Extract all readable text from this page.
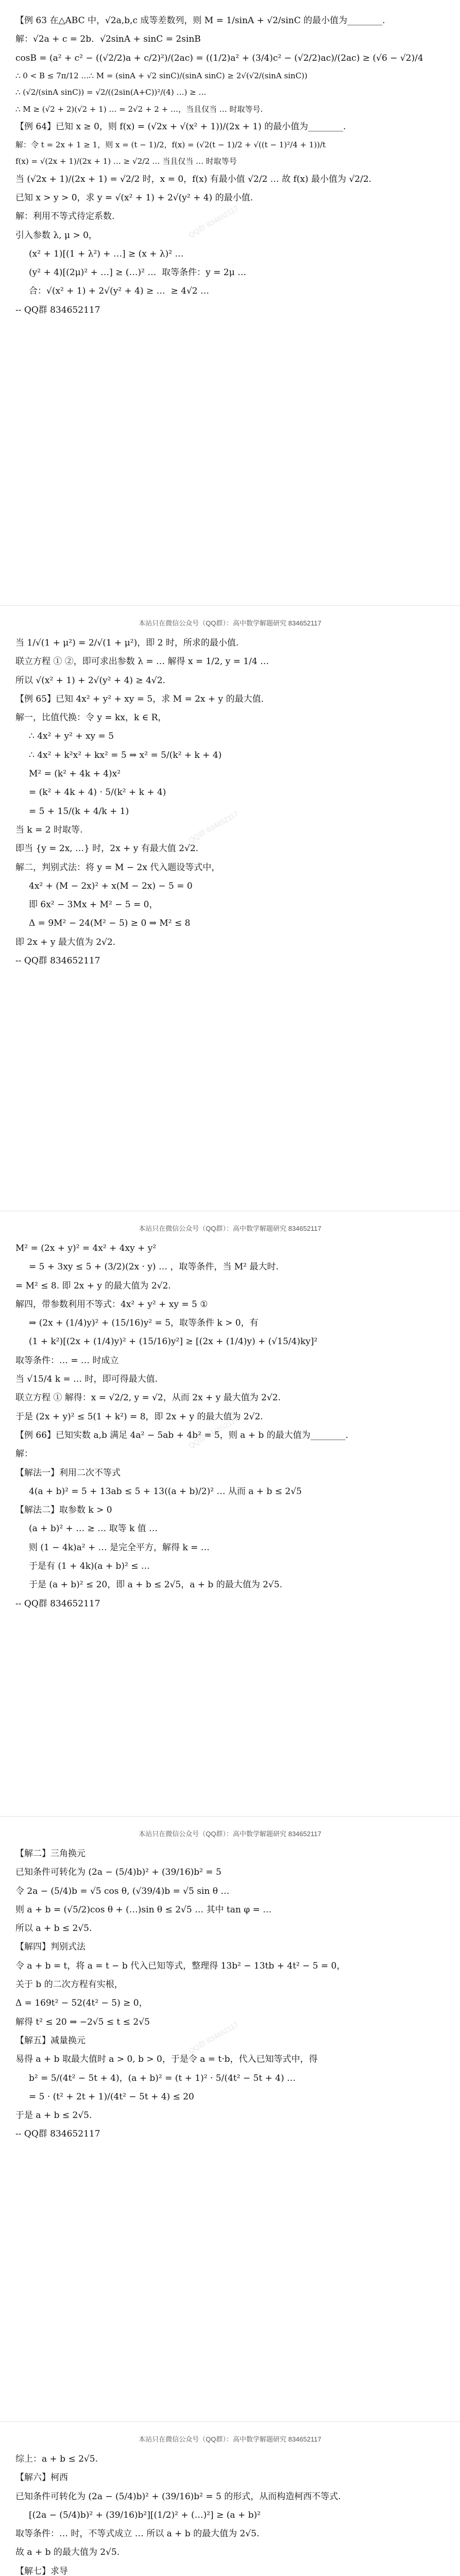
【例 63 在△ABC 中，√2a,b,c 成等差数列，则 M = 1/sinA + √2/sinC 的最小值为________.
解：√2a + c = 2b．√2sinA + sinC = 2sinB
cosB = (a² + c² − ((√2/2)a + c/2)²)/(2ac) = ((1/2)a² + (3/4)c² − (√2/2)ac)/(2ac) ≥ (√6 − √2)/4
∴ 0 < B ≤ 7π/12 …∴ M = (sinA + √2 sinC)/(sinA sinC) ≥ 2√(√2/(sinA sinC))
∴ (√2/(sinA sinC)) = √2/((2sin(A+C))²/(4) …) ≥ …
∴ M ≥ (√2 + 2)(√2 + 1) … = 2√2 + 2 + …，当且仅当 … 时取等号.
【例 64】已知 x ≥ 0，则 f(x) = (√2x + √(x² + 1))/(2x + 1) 的最小值为________.
解：令 t = 2x + 1 ≥ 1，则 x = (t − 1)/2，f(x) = (√2(t − 1)/2 + √((t − 1)²/4 + 1))/t
f(x) = √(2x + 1)/(2x + 1) … ≥ √2/2 … 当且仅当 … 时取等号
当 (√2x + 1)/(2x + 1) = √2/2 时，x = 0，f(x) 有最小值 √2/2 … 故 f(x) 最小值为 √2/2.
已知 x > y > 0，求 y = √(x² + 1) + 2√(y² + 4) 的最小值.
解：利用不等式待定系数.
引入参数 λ, μ > 0，
(x² + 1)[(1 + λ²) + …] ≥ (x + λ)² …
(y² + 4)[(2μ)² + …] ≥ (…)² …  取等条件：y = 2μ …
合：√(x² + 1) + 2√(y² + 4) ≥ …  ≥ 4√2 …
-- QQ群 834652117
QQ群 834652117
本站只在微信公众号（QQ群）：高中数学解题研究 834652117
当 1/√(1 + μ²) = 2/√(1 + μ²)，即 2 时，所求的最小值.
联立方程 ① ②，即可求出参数 λ = … 解得 x = 1/2, y = 1/4 …
所以 √(x² + 1) + 2√(y² + 4) ≥ 4√2.
【例 65】已知 4x² + y² + xy = 5，求 M = 2x + y 的最大值．
解一，比值代换：令 y = kx，k ∈ R，
∴ 4x² + y² + xy = 5
∴ 4x² + k²x² + kx² = 5 ⇒ x² = 5/(k² + k + 4)
M² = (k² + 4k + 4)x²
= (k² + 4k + 4) · 5/(k² + k + 4)
= 5 + 15/(k + 4/k + 1)
当 k = 2 时取等.
即当 {y = 2x, …} 时，2x + y 有最大值 2√2.
解二，判别式法：将 y = M − 2x 代入题设等式中，
4x² + (M − 2x)² + x(M − 2x) − 5 = 0
即 6x² − 3Mx + M² − 5 = 0，
Δ = 9M² − 24(M² − 5) ≥ 0 ⇒ M² ≤ 8
即 2x + y 最大值为 2√2.
-- QQ群 834652117
QQ群 834652117
本站只在微信公众号（QQ群）：高中数学解题研究 834652117
M² = (2x + y)² = 4x² + 4xy + y²
= 5 + 3xy ≤ 5 + (3/2)(2x · y) … ，取等条件，当 M² 最大时.
= M² ≤ 8. 即 2x + y 的最大值为 2√2.
解四，带参数利用不等式：4x² + y² + xy = 5 ①
⇒ (2x + (1/4)y)² + (15/16)y² = 5，取等条件 k > 0，有
(1 + k²)[(2x + (1/4)y)² + (15/16)y²] ≥ [(2x + (1/4)y) + (√15/4)ky]²
取等条件：… = … 时成立
当 √15/4 k = … 时，即可得最大值.
联立方程 ① 解得：x = √2/2, y = √2，从而 2x + y 最大值为 2√2.
于是 (2x + y)² ≤ 5(1 + k²) = 8，即 2x + y 的最大值为 2√2.
【例 66】已知实数 a,b 满足 4a² − 5ab + 4b² = 5，则 a + b 的最大值为________.
解：
【解法一】利用二次不等式
4(a + b)² = 5 + 13ab ≤ 5 + 13((a + b)/2)² … 从而 a + b ≤ 2√5
【解法二】取参数 k > 0
(a + b)² + … ≥ … 取等 k 值 …
则 (1 − 4k)a² + … 是完全平方，解得 k = …
于是有 (1 + 4k)(a + b)² ≤ …
于是 (a + b)² ≤ 20，即 a + b ≤ 2√5，a + b 的最大值为 2√5.
-- QQ群 834652117
QQ群 834652117
本站只在微信公众号（QQ群）：高中数学解题研究 834652117
【解二】三角换元
已知条件可转化为 (2a − (5/4)b)² + (39/16)b² = 5
令 2a − (5/4)b = √5 cos θ, (√39/4)b = √5 sin θ …
则 a + b = (√5/2)cos θ + (…)sin θ ≤ 2√5 … 其中 tan φ = …
所以 a + b ≤ 2√5.
【解四】判别式法
令 a + b = t，将 a = t − b 代入已知等式，整理得 13b² − 13tb + 4t² − 5 = 0，
关于 b 的二次方程有实根，
Δ = 169t² − 52(4t² − 5) ≥ 0，
解得 t² ≤ 20 ⇒ −2√5 ≤ t ≤ 2√5
【解五】减量换元
易得 a + b 取最大值时 a > 0, b > 0，于是令 a = t·b，代入已知等式中，得
b² = 5/(4t² − 5t + 4)，(a + b)² = (t + 1)² · 5/(4t² − 5t + 4) …
= 5 · (t² + 2t + 1)/(4t² − 5t + 4) ≤ 20
于是 a + b ≤ 2√5.
-- QQ群 834652117
QQ群 834652117
本站只在微信公众号（QQ群）：高中数学解题研究 834652117
综上：a + b ≤ 2√5.
【解六】柯西
已知条件可转化为 (2a − (5/4)b)² + (39/16)b² = 5 的形式，从而构造柯西不等式.
[(2a − (5/4)b)² + (39/16)b²][(1/2)² + (…)²] ≥ (a + b)²
取等条件：… 时，不等式成立 … 所以 a + b 的最大值为 2√5.
故 a + b 的最大值为 2√5.
【解七】求导
